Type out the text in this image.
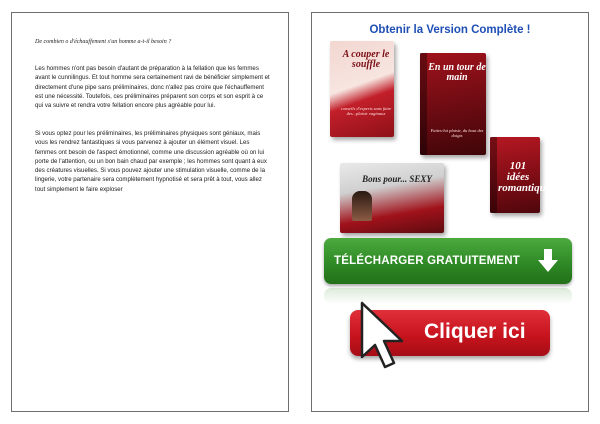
De combien o d'échauffement s'un homme a-t-il besoin ?

Les hommes n'ont pas besoin d'autant de préparation à la fellation que les femmes avant le cunnilingus. Et tout homme sera certainement ravi de bénéficier simplement et directement d'une pipe sans préliminaires, donc n'allez pas croire que l'échauffement est une nécessité. Toutefois, ces préliminaires préparent son corps et son esprit à ce qui va suivre et rendra votre fellation encore plus agréable pour lui.

Si vous optez pour les préliminaires, les préliminaires physiques sont géniaux, mais vous les rendrez fantastiques si vous parvenez à ajouter un élément visuel. Les femmes ont besoin de l'aspect émotionnel, comme une discussion agréable où on lui porte de l'attention, ou un bon bain chaud par exemple ; les hommes sont quant à eux des créatures visuelles. Si vous pouvez ajouter une stimulation visuelle, comme de la lingerie, votre partenaire sera complètement hypnotisé et sera prêt à tout, vous allez tout simplement le faire exploser

Obtenir la Version Complète !
A couper le souffle
conseils d'experts sans faire des...plaisir vaginaux
En un tour de main
Faites-lui plaisir, du bout des doigts
Bons pour... SEXY
101 idées romantiques
TÉLÉCHARGER GRATUITEMENT
Cliquer ici
